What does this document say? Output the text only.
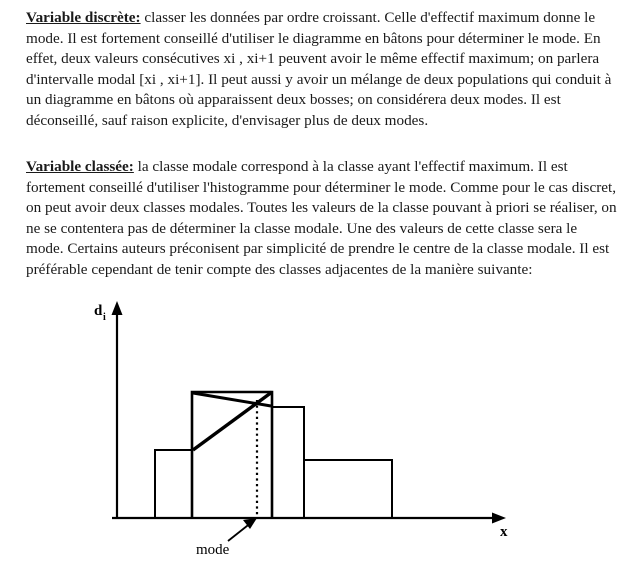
Variable discrète: classer les données par ordre croissant. Celle d'effectif maximum donne le mode. Il est fortement conseillé d'utiliser le diagramme en bâtons pour déterminer le mode. En effet, deux valeurs consécutives xi , xi+1 peuvent avoir le même effectif maximum; on parlera d'intervalle modal [xi , xi+1]. Il peut aussi y avoir un mélange de deux populations qui conduit à un diagramme en bâtons où apparaissent deux bosses; on considérera deux modes. Il est déconseillé, sauf raison explicite, d'envisager plus de deux modes.
Variable classée: la classe modale correspond à la classe ayant l'effectif maximum. Il est fortement conseillé d'utiliser l'histogramme pour déterminer le mode. Comme pour le cas discret, on peut avoir deux classes modales. Toutes les valeurs de la classe pouvant à priori se réaliser, on ne se contentera pas de déterminer la classe modale. Une des valeurs de cette classe sera le mode. Certains auteurs préconisent par simplicité de prendre le centre de la classe modale. Il est préférable cependant de tenir compte des classes adjacentes de la manière suivante:
d i
x
mode
